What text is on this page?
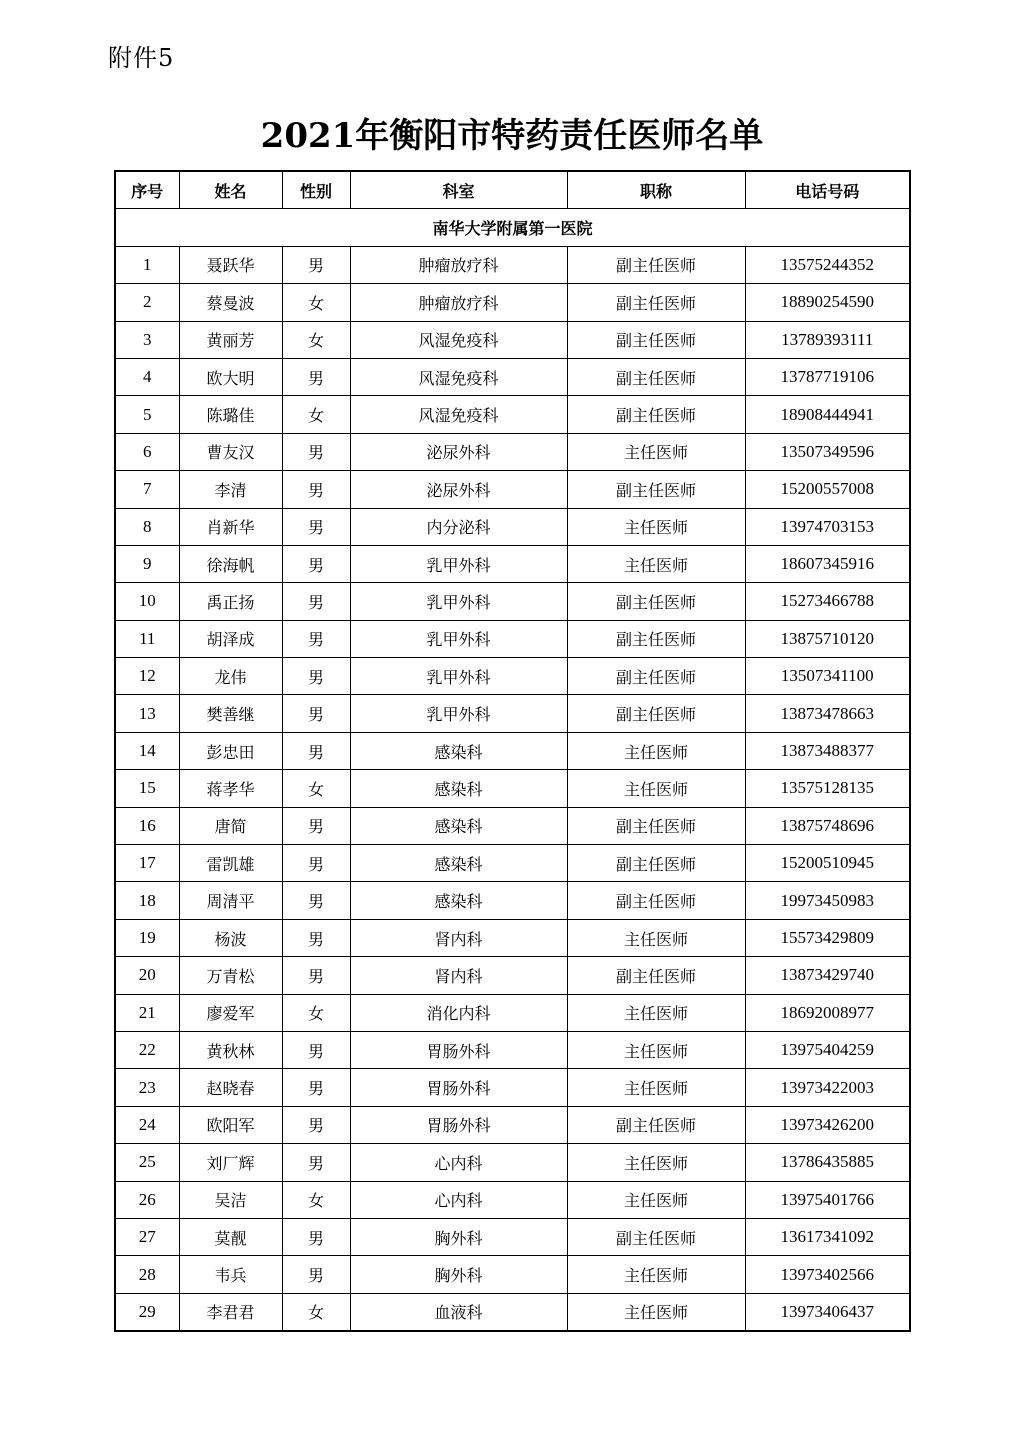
附件5
2021年衡阳市特药责任医师名单
序号	姓名	性别	科室	职称	电话号码
南华大学附属第一医院					
1	聂跃华	男	肿瘤放疗科	副主任医师	13575244352
2	蔡曼波	女	肿瘤放疗科	副主任医师	18890254590
3	黄丽芳	女	风湿免疫科	副主任医师	13789393111
4	欧大明	男	风湿免疫科	副主任医师	13787719106
5	陈璐佳	女	风湿免疫科	副主任医师	18908444941
6	曹友汉	男	泌尿外科	主任医师	13507349596
7	李清	男	泌尿外科	副主任医师	15200557008
8	肖新华	男	内分泌科	主任医师	13974703153
9	徐海帆	男	乳甲外科	主任医师	18607345916
10	禹正扬	男	乳甲外科	副主任医师	15273466788
11	胡泽成	男	乳甲外科	副主任医师	13875710120
12	龙伟	男	乳甲外科	副主任医师	13507341100
13	樊善继	男	乳甲外科	副主任医师	13873478663
14	彭忠田	男	感染科	主任医师	13873488377
15	蒋孝华	女	感染科	主任医师	13575128135
16	唐简	男	感染科	副主任医师	13875748696
17	雷凯雄	男	感染科	副主任医师	15200510945
18	周清平	男	感染科	副主任医师	19973450983
19	杨波	男	肾内科	主任医师	15573429809
20	万青松	男	肾内科	副主任医师	13873429740
21	廖爱军	女	消化内科	主任医师	18692008977
22	黄秋林	男	胃肠外科	主任医师	13975404259
23	赵晓春	男	胃肠外科	主任医师	13973422003
24	欧阳军	男	胃肠外科	副主任医师	13973426200
25	刘厂辉	男	心内科	主任医师	13786435885
26	吴洁	女	心内科	主任医师	13975401766
27	莫靓	男	胸外科	副主任医师	13617341092
28	韦兵	男	胸外科	主任医师	13973402566
29	李君君	女	血液科	主任医师	13973406437
